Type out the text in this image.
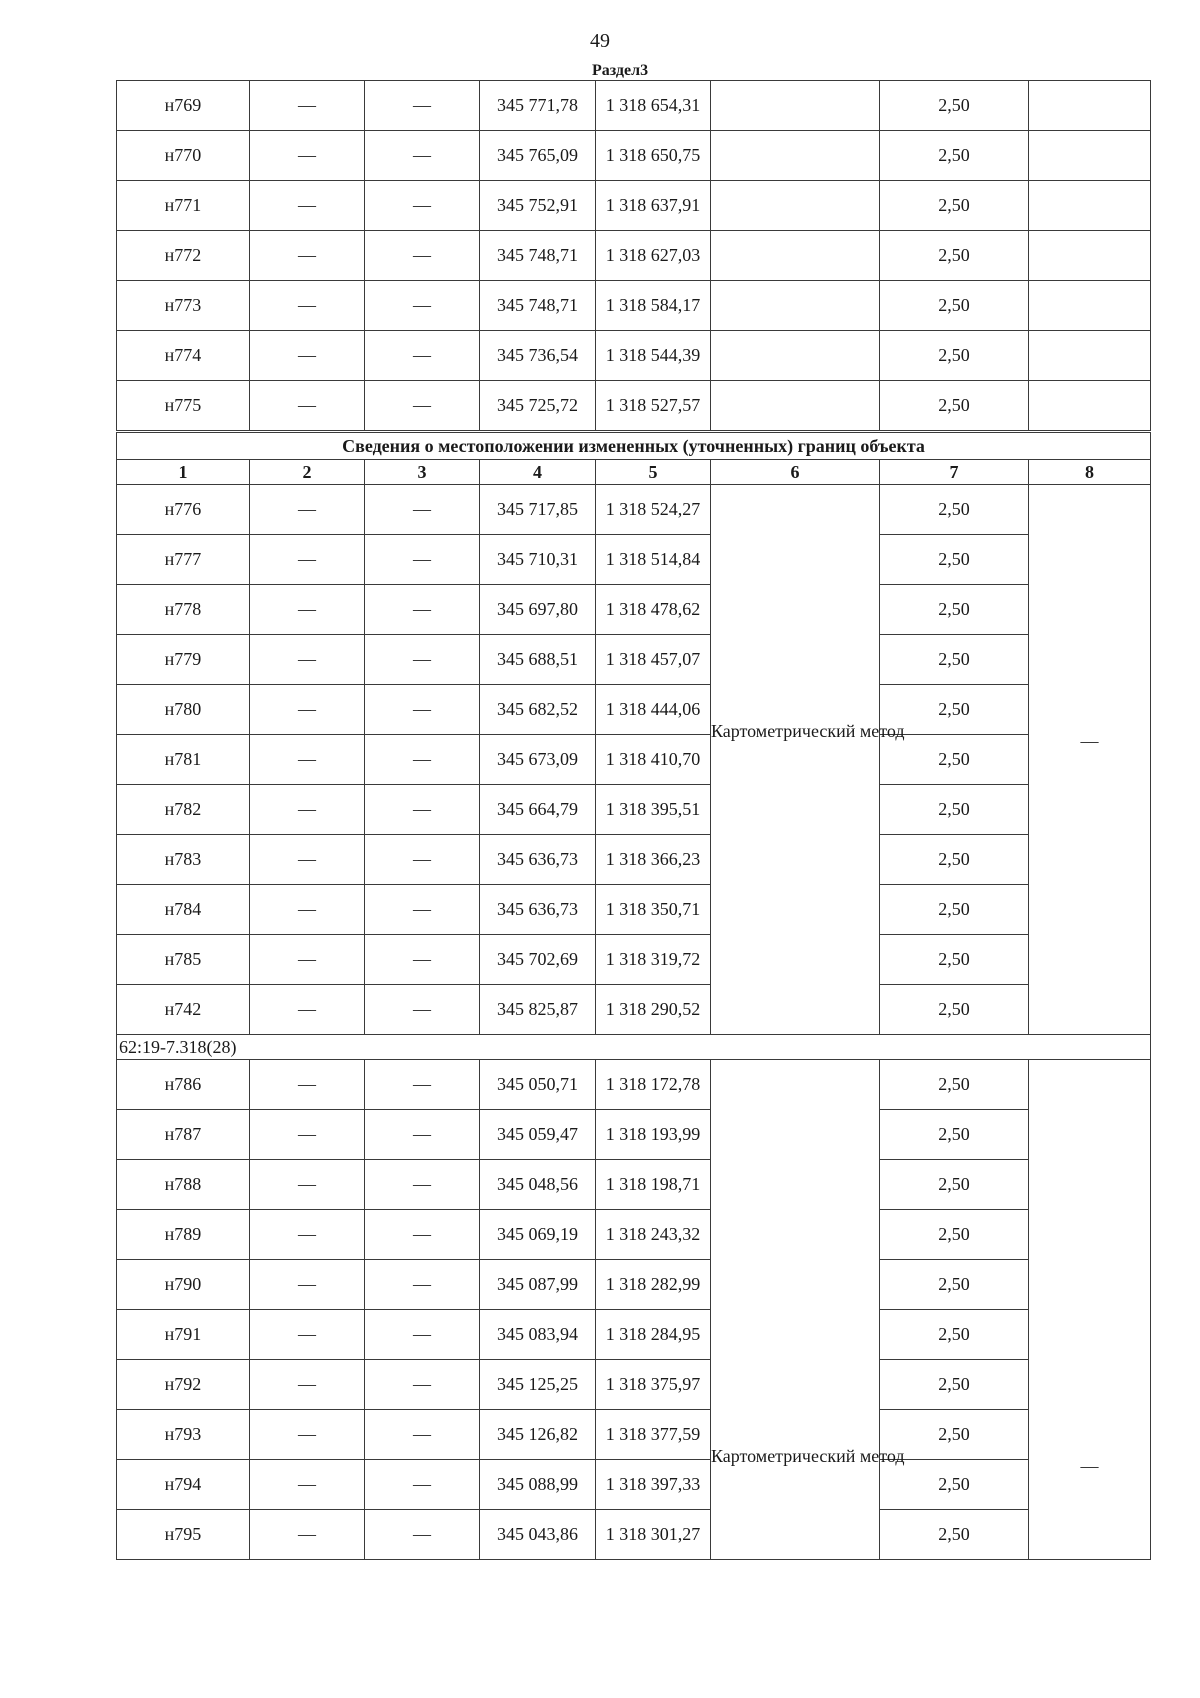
49
Раздел3
н769	—	—	345 771,78	1 318 654,31		2,50	
н770	—	—	345 765,09	1 318 650,75		2,50	
н771	—	—	345 752,91	1 318 637,91		2,50	
н772	—	—	345 748,71	1 318 627,03		2,50	
н773	—	—	345 748,71	1 318 584,17		2,50	
н774	—	—	345 736,54	1 318 544,39		2,50	
н775	—	—	345 725,72	1 318 527,57		2,50	
Сведения о местоположении измененных (уточненных) границ объекта							
1	2	3	4	5	6	7	8
н776	—	—	345 717,85	1 318 524,27	Картометрический метод	2,50	—
н777	—	—	345 710,31	1 318 514,84		2,50	
н778	—	—	345 697,80	1 318 478,62		2,50	
н779	—	—	345 688,51	1 318 457,07		2,50	
н780	—	—	345 682,52	1 318 444,06		2,50	
н781	—	—	345 673,09	1 318 410,70		2,50	
н782	—	—	345 664,79	1 318 395,51		2,50	
н783	—	—	345 636,73	1 318 366,23		2,50	
н784	—	—	345 636,73	1 318 350,71		2,50	
н785	—	—	345 702,69	1 318 319,72		2,50	
н742	—	—	345 825,87	1 318 290,52		2,50	
62:19-7.318(28)							
н786	—	—	345 050,71	1 318 172,78	Картометрический метод	2,50	—
н787	—	—	345 059,47	1 318 193,99		2,50	
н788	—	—	345 048,56	1 318 198,71		2,50	
н789	—	—	345 069,19	1 318 243,32		2,50	
н790	—	—	345 087,99	1 318 282,99		2,50	
н791	—	—	345 083,94	1 318 284,95		2,50	
н792	—	—	345 125,25	1 318 375,97		2,50	
н793	—	—	345 126,82	1 318 377,59		2,50	
н794	—	—	345 088,99	1 318 397,33		2,50	
н795	—	—	345 043,86	1 318 301,27		2,50	
